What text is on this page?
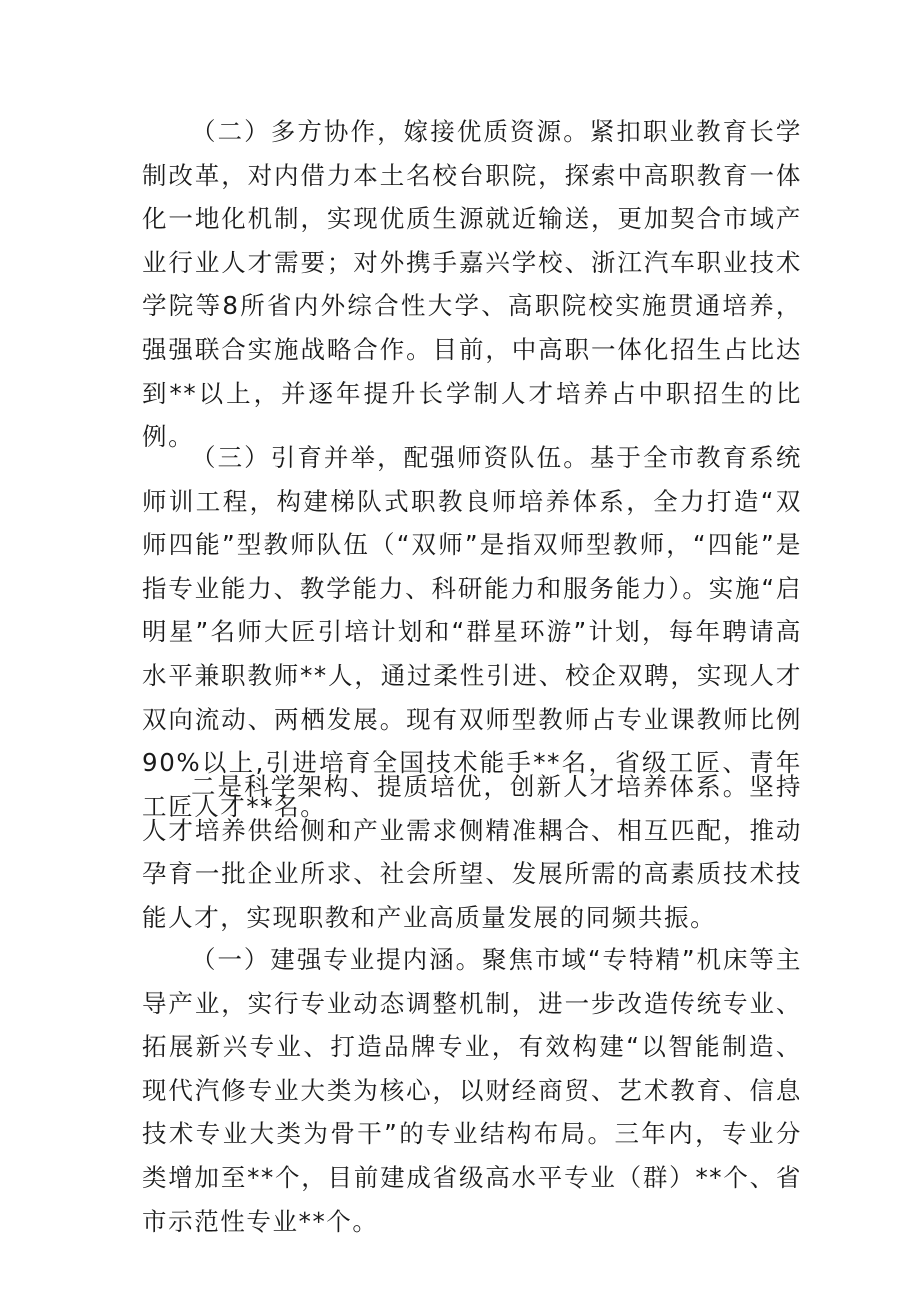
（二）多方协作，嫁接优质资源。紧扣职业教育长学制改革，对内借力本土名校台职院，探索中高职教育一体化一地化机制，实现优质生源就近输送，更加契合市域产业行业人才需要；对外携手嘉兴学校、浙江汽车职业技术学院等8所省内外综合性大学、高职院校实施贯通培养，强强联合实施战略合作。目前，中高职一体化招生占比达到**以上，并逐年提升长学制人才培养占中职招生的比例。

（三）引育并举，配强师资队伍。基于全市教育系统师训工程，构建梯队式职教良师培养体系，全力打造“双师四能”型教师队伍（“双师”是指双师型教师，“四能”是指专业能力、教学能力、科研能力和服务能力）。实施“启明星”名师大匠引培计划和“群星环游”计划，每年聘请高水平兼职教师**人，通过柔性引进、校企双聘，实现人才双向流动、两栖发展。现有双师型教师占专业课教师比例90%以上,引进培育全国技术能手**名，省级工匠、青年工匠人才**名。

二是科学架构、提质培优，创新人才培养体系。坚持人才培养供给侧和产业需求侧精准耦合、相互匹配，推动孕育一批企业所求、社会所望、发展所需的高素质技术技能人才，实现职教和产业高质量发展的同频共振。

（一）建强专业提内涵。聚焦市域“专特精”机床等主导产业，实行专业动态调整机制，进一步改造传统专业、拓展新兴专业、打造品牌专业，有效构建“以智能制造、现代汽修专业大类为核心，以财经商贸、艺术教育、信息技术专业大类为骨干”的专业结构布局。三年内，专业分类增加至**个，目前建成省级高水平专业（群）**个、省市示范性专业**个。
